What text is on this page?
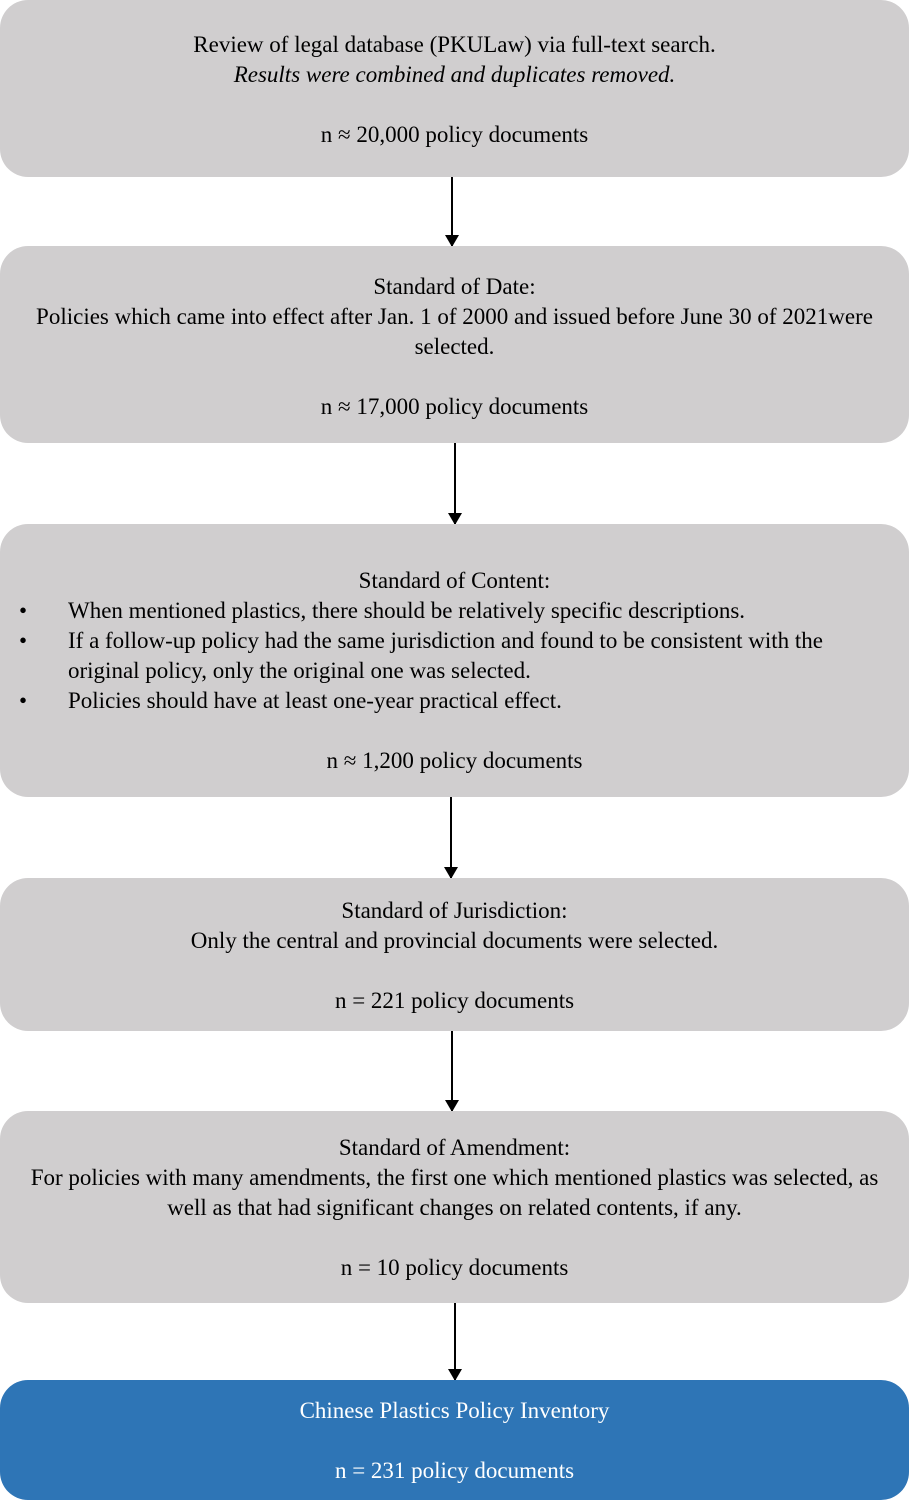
Review of legal database (PKULaw) via full-text search.

Results were combined and duplicates removed.

n ≈ 20,000 policy documents

Standard of Date:

Policies which came into effect after Jan. 1 of 2000 and issued before June 30 of 2021were selected.

n ≈ 17,000 policy documents

Standard of Content:

• When mentioned plastics, there should be relatively specific descriptions.
• If a follow-up policy had the same jurisdiction and found to be consistent with the original policy, only the original one was selected.
• Policies should have at least one-year practical effect.

n ≈ 1,200 policy documents

Standard of Jurisdiction:

Only the central and provincial documents were selected.

n = 221 policy documents

Standard of Amendment:

For policies with many amendments, the first one which mentioned plastics was selected, as well as that had significant changes on related contents, if any.

n = 10 policy documents

Chinese Plastics Policy Inventory

n = 231 policy documents
